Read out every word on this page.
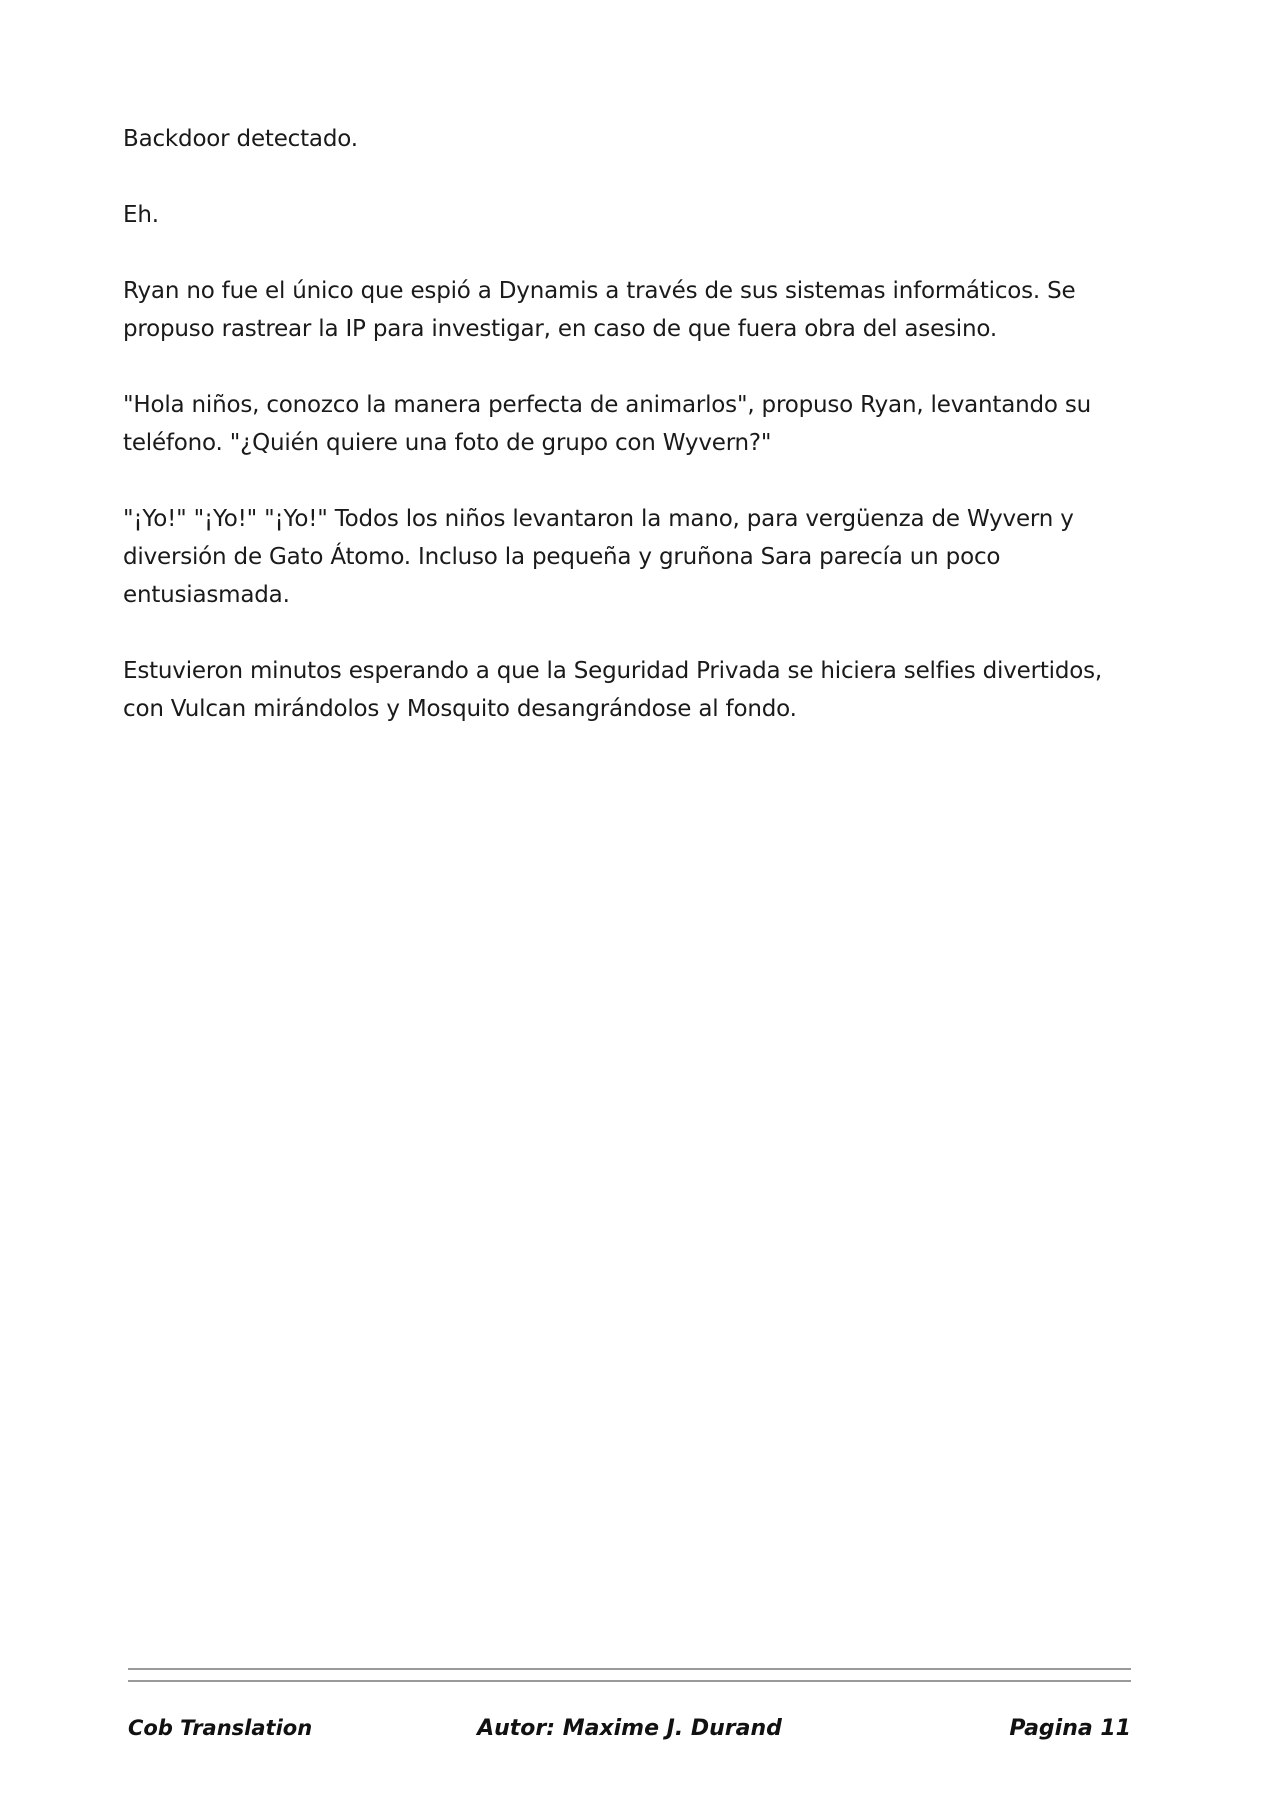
Backdoor detectado.

Eh.

Ryan no fue el único que espió a Dynamis a través de sus sistemas informáticos. Se propuso rastrear la IP para investigar, en caso de que fuera obra del asesino.

"Hola niños, conozco la manera perfecta de animarlos", propuso Ryan, levantando su teléfono. "¿Quién quiere una foto de grupo con Wyvern?"

"¡Yo!" "¡Yo!" "¡Yo!" Todos los niños levantaron la mano, para vergüenza de Wyvern y diversión de Gato Átomo. Incluso la pequeña y gruñona Sara parecía un poco entusiasmada.

Estuvieron minutos esperando a que la Seguridad Privada se hiciera selfies divertidos, con Vulcan mirándolos y Mosquito desangrándose al fondo.

Cob Translation	Autor: Maxime J. Durand	Pagina 11
